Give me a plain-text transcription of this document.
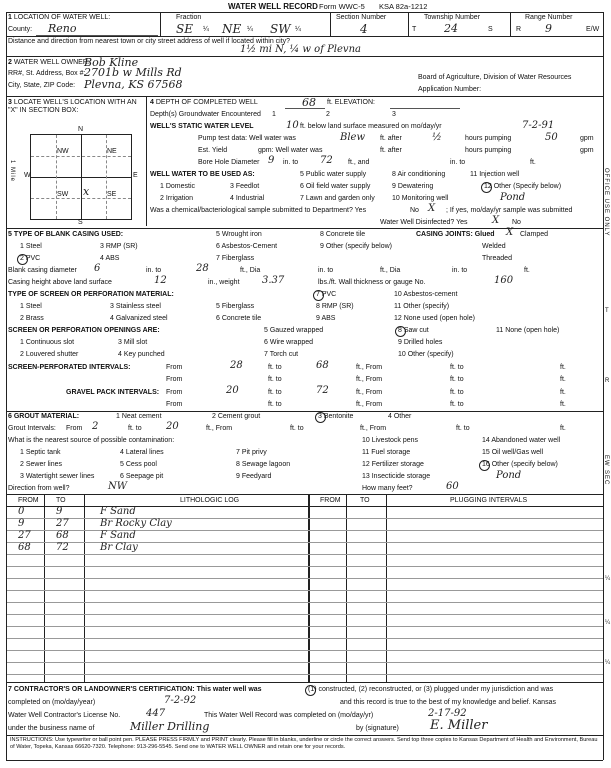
WATER WELL RECORD Form WWC-5 KSA 82a-1212
1 LOCATION OF WATER WELL:	Fraction
County: Reno	SE ¼ NE ¼ SW ¼
Section Number
4
Township Number
T	24	S
Range Number
R 9	E/W
Distance and direction from nearest town or city street address of well if located within city?
1½ mi N, ¼ w of Plevna
2 WATER WELL OWNER:
Bob Kline
RR#, St. Address, Box #:
2701b w Mills Rd
City, State, ZIP Code: Plevna, KS 67568
Board of Agriculture, Division of Water Resources
Application Number:
3 LOCATE WELL'S LOCATION WITH AN "X" IN SECTION BOX:
NW	NE
SW	SE
x
N
S
W	E
1 Mile
4 DEPTH OF COMPLETED WELL	68 ft. ELEVATION:
Depth(s) Groundwater Encountered 1	2	3
WELL'S STATIC WATER LEVEL	10 ft. below land surface measured on mo/day/yr	7-2-91
Pump test data: Well water was	Blew ft. after	½	hours pumping	50	gpm
Est. Yield	gpm: Well water was	ft. after	hours pumping	gpm
Bore Hole Diameter 9 in. to 72 ft., and	in. to	ft.
WELL WATER TO BE USED AS:	5 Public water supply	8 Air conditioning	11 Injection well
1 Domestic	3 Feedlot	6 Oil field water supply	9 Dewatering	12 Other (Specify below)
2 Irrigation	4 Industrial	7 Lawn and garden only 10 Monitoring well	Pond
Was a chemical/bacteriological sample submitted to Department? Yes	No X ; If yes, mo/day/yr sample was submitted
Water Well Disinfected? Yes X No
5 TYPE OF BLANK CASING USED:	5 Wrought iron	8 Concrete tile	CASING JOINTS: Glued X Clamped
1 Steel	3 RMP (SR)	6 Asbestos-Cement	9 Other (specify below)	Welded
2 PVC	4 ABS	7 Fiberglass	Threaded
Blank casing diameter 6	in. to	28	ft., Dia	in. to	ft., Dia	in. to	ft.
Casing height above land surface	12	in., weight 3.37	lbs./ft. Wall thickness or gauge No.	160
TYPE OF SCREEN OR PERFORATION MATERIAL:	7 PVC	10 Asbestos-cement
1 Steel	3 Stainless steel	5 Fiberglass	8 RMP (SR)	11 Other (specify)
2 Brass	4 Galvanized steel	6 Concrete tile	9 ABS	12 None used (open hole)
SCREEN OR PERFORATION OPENINGS ARE:	5 Gauzed wrapped	8 Saw cut	11 None (open hole)
1 Continuous slot	3 Mill slot	6 Wire wrapped	9 Drilled holes
2 Louvered shutter	4 Key punched	7 Torch cut	10 Other (specify)
SCREEN-PERFORATED INTERVALS:	From	28	ft. to	68	ft., From	ft. to	ft.
From	ft. to	ft., From	ft. to	ft.
GRAVEL PACK INTERVALS: From	20	ft. to	72	ft., From	ft. to	ft.
From	ft. to	ft., From	ft. to	ft.
6 GROUT MATERIAL:	1 Neat cement	2 Cement grout	3 Bentonite	4 Other
Grout Intervals: From 2	ft. to 20	ft., From	ft. to	ft., From	ft. to	ft.
What is the nearest source of possible contamination:	10 Livestock pens	14 Abandoned water well
1 Septic tank	4 Lateral lines	7 Pit privy	11 Fuel storage	15 Oil well/Gas well
2 Sewer lines	5 Cess pool	8 Sewage lagoon	12 Fertilizer storage	16 Other (specify below)
3 Watertight sewer lines	6 Seepage pit	9 Feedyard	13 Insecticide storage	Pond
Direction from well?	NW	How many feet?	60
FROM TO	LITHOLOGIC LOG	FROM	TO	PLUGGING INTERVALS
0	9	F Sand
9	27	Br Rocky Clay
27	68	F Sand
68	72	Br Clay
7 CONTRACTOR'S OR LANDOWNER'S CERTIFICATION: This water well was	(1) constructed, (2) reconstructed, or (3) plugged under my jurisdiction and was
completed on (mo/day/year)	7-2-92	and this record is true to the best of my knowledge and belief. Kansas
Water Well Contractor's License No.	447	This Water Well Record was completed on (mo/day/yr)	2-17-92
under the business name of	Miller Drilling	by (signature) E. Miller
INSTRUCTIONS: Use typewriter or ball point pen. PLEASE PRESS FIRMLY and PRINT clearly. Please fill in blanks, underline or circle the correct answers. Send top three copies to Kansas Department of Health and Environment, Bureau of Water, Topeka, Kansas 66620-7320. Telephone: 913-296-5545. Send one to WATER WELL OWNER and retain one for your records.
OFFICE USE ONLY
T
R
EW
SEC
¼
¼
¼
